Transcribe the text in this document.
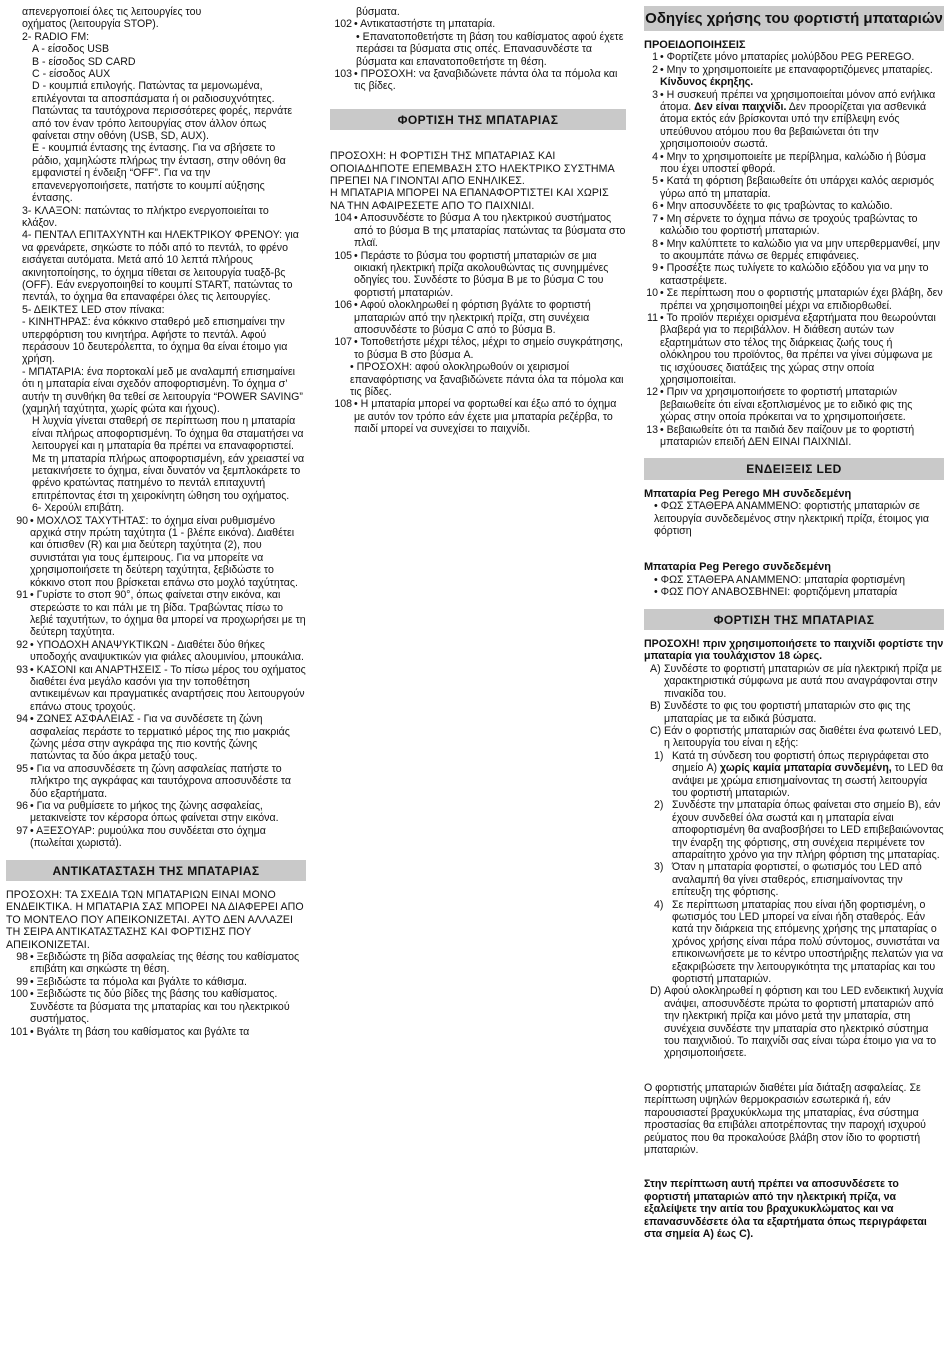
απενεργοποιεί όλες τις λειτουργίες του

οχήματος (λειτουργία STOP).

2- RADIO FM:

A - είσοδος USB

B - είσοδος SD CARD

C - είσοδος AUX

D - κουμπιά επιλογής. Πατώντας τα μεμονωμένα, επιλέγονται τα αποσπάσματα ή οι ραδιοσυχνότητες. Πατώντας τα ταυτόχρονα περισσότερες φορές, περνάτε από τον έναν τρόπο λειτουργίας στον άλλον όπως φαίνεται στην οθόνη (USB, SD, AUX).

E - κουμπιά έντασης της έντασης. Για να σβήσετε το ράδιο, χαμηλώστε πλήρως την ένταση, στην οθόνη θα εμφανιστεί η ένδειξη “OFF”. Για να την επανενεργοποιήσετε, πατήστε το κουμπί αύξησης έντασης.

3- ΚΛΑΞΟΝ: πατώντας το πλήκτρο ενεργοποιείται το κλάξον.

4- ΠΕΝΤΑΛ ΕΠΙΤΑΧΥΝΤΗ και ΗΛΕΚΤΡΙΚΟΥ ΦΡΕΝΟΥ: για να φρενάρετε, σηκώστε το πόδι από το πεντάλ, το φρένο εισάγεται αυτόματα. Μετά από 10 λεπτά πλήρους ακινητοποίησης, το όχημα τίθεται σε λειτουργία τυαξδ-βς (OFF). Εάν ενεργοποιηθεί το κουμπί START, πατώντας το πεντάλ, το όχημα θα επαναφέρει όλες τις λειτουργίες.

5- ΔΕΙΚΤΕΣ LED στον πίνακα:

- ΚΙΝΗΤΗΡΑΣ: ένα κόκκινο σταθερό μεδ επισημαίνει την υπερφόρτιση του κινητήρα. Αφήστε το πεντάλ. Αφού περάσουν 10 δευτερόλεπτα, το όχημα θα είναι έτοιμο για χρήση.

- ΜΠΑΤΑΡΙΑ: ένα πορτοκαλί μεδ με αναλαμπή επισημαίνει ότι η μπαταρία είναι σχεδόν αποφορτισμένη. Το όχημα σ’ αυτήν τη συνθήκη θα τεθεί σε λειτουργία “POWER SAVING” (χαμηλή ταχύτητα, χωρίς φώτα και ήχους).

Η λυχνία γίνεται σταθερή σε περίπτωση που η μπαταρία είναι πλήρως αποφορτισμένη. Το όχημα θα σταματήσει να λειτουργεί και η μπαταρία θα πρέπει να επαναφορτιστεί. Με τη μπαταρία πλήρως αποφορτισμένη, εάν χρειαστεί να μετακινήσετε το όχημα, είναι δυνατόν να ξεμπλοκάρετε το φρένο κρατώντας πατημένο το πεντάλ επιταχυντή επιτρέποντας έτσι τη χειροκίνητη ώθηση του οχήματος.

6- Χερούλι επιβάτη.

90 • ΜΟΧΛΟΣ ΤΑΧΥΤΗΤΑΣ: το όχημα είναι ρυθμισμένο αρχικά στην πρώτη ταχύτητα (1 - βλέπε εικόνα). Διαθέτει και όπισθεν (R) και μια δεύτερη ταχύτητα (2), που συνιστάται για τους έμπειρους. Για να μπορείτε να χρησιμοποιήσετε τη δεύτερη ταχύτητα, ξεβιδώστε το κόκκινο στοπ που βρίσκεται επάνω στο μοχλό ταχύτητας.
91 • Γυρίστε το στοπ 90°, όπως φαίνεται στην εικόνα, και στερεώστε το και πάλι με τη βίδα. Τραβώντας πίσω το λεβιέ ταχυτήτων, το όχημα θα μπορεί να προχωρήσει με τη δεύτερη ταχύτητα.
92 • ΥΠΟΔΟΧΗ ΑΝΑΨΥΚΤΙΚΩΝ - Διαθέτει δύο θήκες υποδοχής αναψυκτικών για φιάλες αλουμινίου, μπουκάλια.
93 • ΚΑΣΟΝΙ και ΑΝΑΡΤΗΣΕΙΣ - Το πίσω μέρος του οχήματος διαθέτει ένα μεγάλο κασόνι για την τοποθέτηση αντικειμένων και πραγματικές αναρτήσεις που λειτουργούν επάνω στους τροχούς.
94 • ΖΩΝΕΣ ΑΣΦΑΛΕΙΑΣ - Για να συνδέσετε τη ζώνη ασφαλείας περάστε το τερματικό μέρος της πιο μακριάς ζώνης μέσα στην αγκράφα της πιο κοντής ζώνης πατώντας τα δύο άκρα μεταξύ τους.
95 • Για να αποσυνδέσετε τη ζώνη ασφαλείας πατήστε το πλήκτρο της αγκράφας και ταυτόχρονα αποσυνδέστε τα δύο εξαρτήματα.
96 • Για να ρυθμίσετε το μήκος της ζώνης ασφαλείας, μετακινείστε τον κέρσορα όπως φαίνεται στην εικόνα.
97 • ΑΞΕΣΟΥΑΡ: ρυμούλκα που συνδέεται στο όχημα (πωλείται χωριστά).
ΑΝΤΙΚΑΤΑΣΤΑΣΗ ΤΗΣ ΜΠΑΤΑΡΙΑΣ

ΠΡΟΣΟΧΗ: ΤΑ ΣΧΕΔΙΑ ΤΩΝ ΜΠΑΤΑΡΙΩΝ ΕΙΝΑΙ ΜΟΝΟ ΕΝΔΕΙΚΤΙΚΑ. Η ΜΠΑΤΑΡΙΑ ΣΑΣ ΜΠΟΡΕΙ ΝΑ ΔΙΑΦΕΡΕΙ ΑΠΟ ΤΟ ΜΟΝΤΕΛΟ ΠΟΥ ΑΠΕΙΚΟΝΙΖΕΤΑΙ. ΑΥΤΟ ΔΕΝ ΑΛΛΑΖΕΙ ΤΗ ΣΕΙΡΑ ΑΝΤΙΚΑΤΑΣΤΑΣΗΣ ΚΑΙ ΦΟΡΤΙΣΗΣ ΠΟΥ ΑΠΕΙΚΟΝΙΖΕΤΑΙ.

98 • Ξεβιδώστε τη βίδα ασφαλείας της θέσης του καθίσματος επιβάτη και σηκώστε τη θέση.
99 • Ξεβιδώστε τα πόμολα και βγάλτε το κάθισμα.
100 • Ξεβιδώστε τις δύο βίδες της βάσης του καθίσματος. Συνδέστε τα βύσματα της μπαταρίας και του ηλεκτρικού συστήματος.
101 • Βγάλτε τη βάση του καθίσματος και βγάλτε τα

βύσματα.

102 • Αντικαταστήστε τη μπαταρία.

• Επανατοποθετήστε τη βάση του καθίσματος αφού έχετε περάσει τα βύσματα στις οπές. Επανασυνδέστε τα βύσματα και επανατοποθετήστε τη θέση.

103 • ΠΡΟΣΟΧΗ: να ξαναβιδώνετε πάντα όλα τα πόμολα και τις βίδες.
ΦΟΡΤΙΣΗ ΤΗΣ ΜΠΑΤΑΡΙΑΣ

ΠΡΟΣΟΧΗ: Η ΦΟΡΤΙΣΗ ΤΗΣ ΜΠΑΤΑΡΙΑΣ ΚΑΙ ΟΠΟΙΑΔΗΠΟΤΕ ΕΠΕΜΒΑΣΗ ΣΤΟ ΗΛΕΚΤΡΙΚΟ ΣΥΣΤΗΜΑ ΠΡΕΠΕΙ ΝΑ ΓΙΝΟΝΤΑΙ ΑΠΟ ΕΝΗΛΙΚΕΣ.

Η ΜΠΑΤΑΡΙΑ ΜΠΟΡΕΙ ΝΑ ΕΠΑΝΑΦΟΡΤΙΣΤΕΙ ΚΑΙ ΧΩΡΙΣ ΝΑ ΤΗΝ ΑΦΑΙΡΕΣΕΤΕ ΑΠΟ ΤΟ ΠΑΙΧΝΙΔΙ.

104 • Αποσυνδέστε το βύσμα A του ηλεκτρικού συστήματος από το βύσμα B της μπαταρίας πατώντας τα βύσματα στο πλαϊ.
105 • Περάστε το βύσμα του φορτιστή μπαταριών σε μια οικιακή ηλεκτρική πρίζα ακολουθώντας τις συνημμένες οδηγίες του. Συνδέστε το βύσμα B με το βύσμα C του φορτιστή μπαταριών.
106 • Αφού ολοκληρωθεί η φόρτιση βγάλτε το φορτιστή μπαταριών από την ηλεκτρική πρίζα, στη συνέχεια αποσυνδέστε το βύσμα C από το βύσμα B.
107 • Τοποθετήστε μέχρι τέλος, μέχρι το σημείο συγκράτησης, το βύσμα B στο βύσμα A.

• ΠΡΟΣΟΧΗ: αφού ολοκληρωθούν οι χειρισμοί επαναφόρτισης να ξαναβιδώνετε πάντα όλα τα πόμολα και τις βίδες.

108 • Η μπαταρία μπορεί να φορτωθεί και έξω από το όχημα με αυτόν τον τρόπο εάν έχετε μια μπαταρία ρεζέρβα, το παιδί μπορεί να συνεχίσει το παιχνίδι.
Οδηγίες χρήσης του φορτιστή μπαταριών

ΠΡΟΕΙΔΟΠΟΙΗΣΕΙΣ

1 • Φορτίζετε μόνο μπαταρίες μολύβδου PEG PEREGO.
2 • Μην το χρησιμοποιείτε με επαναφορτιζόμενες μπαταρίες. Κίνδυνος έκρηξης.
3 • Η συσκευή πρέπει να χρησιμοποιείται μόνον από ενήλικα άτομα. Δεν είναι παιχνίδι. Δεν προορίζεται για ασθενικά άτομα εκτός εάν βρίσκονται υπό την επίβλεψη ενός υπεύθυνου ατόμου που θα βεβαιώνεται ότι την χρησιμοποιούν σωστά.
4 • Μην το χρησιμοποιείτε με περίβλημα, καλώδιο ή βύσμα που έχει υποστεί φθορά.
5 • Κατά τη φόρτιση βεβαιωθείτε ότι υπάρχει καλός αερισμός γύρω από τη μπαταρία.
6 • Μην αποσυνδέετε το φις τραβώντας το καλώδιο.
7 • Μη σέρνετε το όχημα πάνω σε τροχούς τραβώντας το καλώδιο του φορτιστή μπαταριών.
8 • Μην καλύπτετε το καλώδιο για να μην υπερθερμανθεί, μην το ακουμπάτε πάνω σε θερμές επιφάνειες.
9 • Προσέξτε πως τυλίγετε το καλώδιο εξόδου για να μην το καταστρέψετε.
10 • Σε περίπτωση που ο φορτιστής μπαταριών έχει βλάβη, δεν πρέπει να χρησιμοποιηθεί μέχρι να επιδιορθωθεί.
11 • Το προϊόν περιέχει ορισμένα εξαρτήματα που θεωρούνται βλαβερά για το περιβάλλον. Η διάθεση αυτών των εξαρτημάτων στο τέλος της διάρκειας ζωής τους ή ολόκληρου του προϊόντος, θα πρέπει να γίνει σύμφωνα με τις ισχύουσες διατάξεις της χώρας στην οποία χρησιμοποιείται.
12 • Πριν να χρησιμοποιήσετε το φορτιστή μπαταριών βεβαιωθείτε ότι είναι εξοπλισμένος με το ειδικό φις της χώρας στην οποία πρόκειται να το χρησιμοποιήσετε.
13 • Βεβαιωθείτε ότι τα παιδιά δεν παίζουν με το φορτιστή μπαταριών επειδή ΔΕΝ ΕΙΝΑΙ ΠΑΙΧΝΙΔΙ.
ΕΝΔΕΙΞΕΙΣ LED

Μπαταρία Peg Perego MH συνδεδεμένη

• ΦΩΣ ΣΤΑΘΕΡΑ ΑΝΑΜΜΕΝΟ: φορτιστής μπαταριών σε λειτουργία συνδεδεμένος στην ηλεκτρική πρίζα, έτοιμος για φόρτιση

Μπαταρία Peg Perego συνδεδεμένη

• ΦΩΣ ΣΤΑΘΕΡΑ ΑΝΑΜΜΕΝΟ: μπαταρία φορτισμένη

• ΦΩΣ ΠΟΥ ΑΝΑΒΟΣΒΗΝΕΙ: φορτιζόμενη μπαταρία

ΦΟΡΤΙΣΗ ΤΗΣ ΜΠΑΤΑΡΙΑΣ

ΠΡΟΣΟΧΗ! πριν χρησιμοποιήσετε το παιχνίδι φορτίστε την μπαταρία για τουλάχιστον 18 ώρες.

A) Συνδέστε το φορτιστή μπαταριών σε μία ηλεκτρική πρίζα με χαρακτηριστικά σύμφωνα με αυτά που αναγράφονται στην πινακίδα του.
B) Συνδέστε το φις του φορτιστή μπαταριών στο φις της μπαταρίας με τα ειδικά βύσματα.
C) Εάν ο φορτιστής μπαταριών σας διαθέτει ένα φωτεινό LED, η λειτουργία του είναι η εξής:
1) Κατά τη σύνδεση του φορτιστή όπως περιγράφεται στο σημείο A) χωρίς καμία μπαταρία συνδεμένη, το LED θα ανάψει με χρώμα επισημαίνοντας τη σωστή λειτουργία του φορτιστή μπαταριών.
2) Συνδέστε την μπαταρία όπως φαίνεται στο σημείο B), εάν έχουν συνδεθεί όλα σωστά και η μπαταρία είναι αποφορτισμένη θα αναβοσβήσει το LED επιβεβαιώνοντας την έναρξη της φόρτισης, στη συνέχεια περιμένετε τον απαραίτητο χρόνο για την πλήρη φόρτιση της μπαταρίας.
3) Όταν η μπαταρία φορτιστεί, ο φωτισμός του LED από αναλαμπή θα γίνει σταθερός, επισημαίνοντας την επίτευξη της φόρτισης.
4) Σε περίπτωση μπαταρίας που είναι ήδη φορτισμένη, ο φωτισμός του LED μπορεί να είναι ήδη σταθερός. Εάν κατά την διάρκεια της επόμενης χρήσης της μπαταρίας ο χρόνος χρήσης είναι πάρα πολύ σύντομος, συνιστάται να επικοινωνήσετε με το κέντρο υποστήριξης πελατών για να εξακριβώσετε την λειτουργικότητα της μπαταρίας και του φορτιστή μπαταριών.
D) Αφού ολοκληρωθεί η φόρτιση και του LED ενδεικτική λυχνία ανάψει, αποσυνδέστε πρώτα το φορτιστή μπαταριών από την ηλεκτρική πρίζα και μόνο μετά την μπαταρία, στη συνέχεια συνδέστε την μπαταρία στο ηλεκτρικό σύστημα του παιχνιδιού. Το παιχνίδι σας είναι τώρα έτοιμο για να το χρησιμοποιήσετε.

Ο φορτιστής μπαταριών διαθέτει μία διάταξη ασφαλείας. Σε περίπτωση υψηλών θερμοκρασιών εσωτερικά ή, εάν παρουσιαστεί βραχυκύκλωμα της μπαταρίας, ένα σύστημα προστασίας θα επιβάλει αποτρέποντας την παροχή ισχυρού ρεύματος που θα προκαλούσε βλάβη στον ίδιο το φορτιστή μπαταριών.

Στην περίπτωση αυτή πρέπει να αποσυνδέσετε το φορτιστή μπαταριών από την ηλεκτρική πρίζα, να εξαλείψετε την αιτία του βραχυκυκλώματος και να επανασυνδέσετε όλα τα εξαρτήματα όπως περιγράφεται στα σημεία A) έως C).
